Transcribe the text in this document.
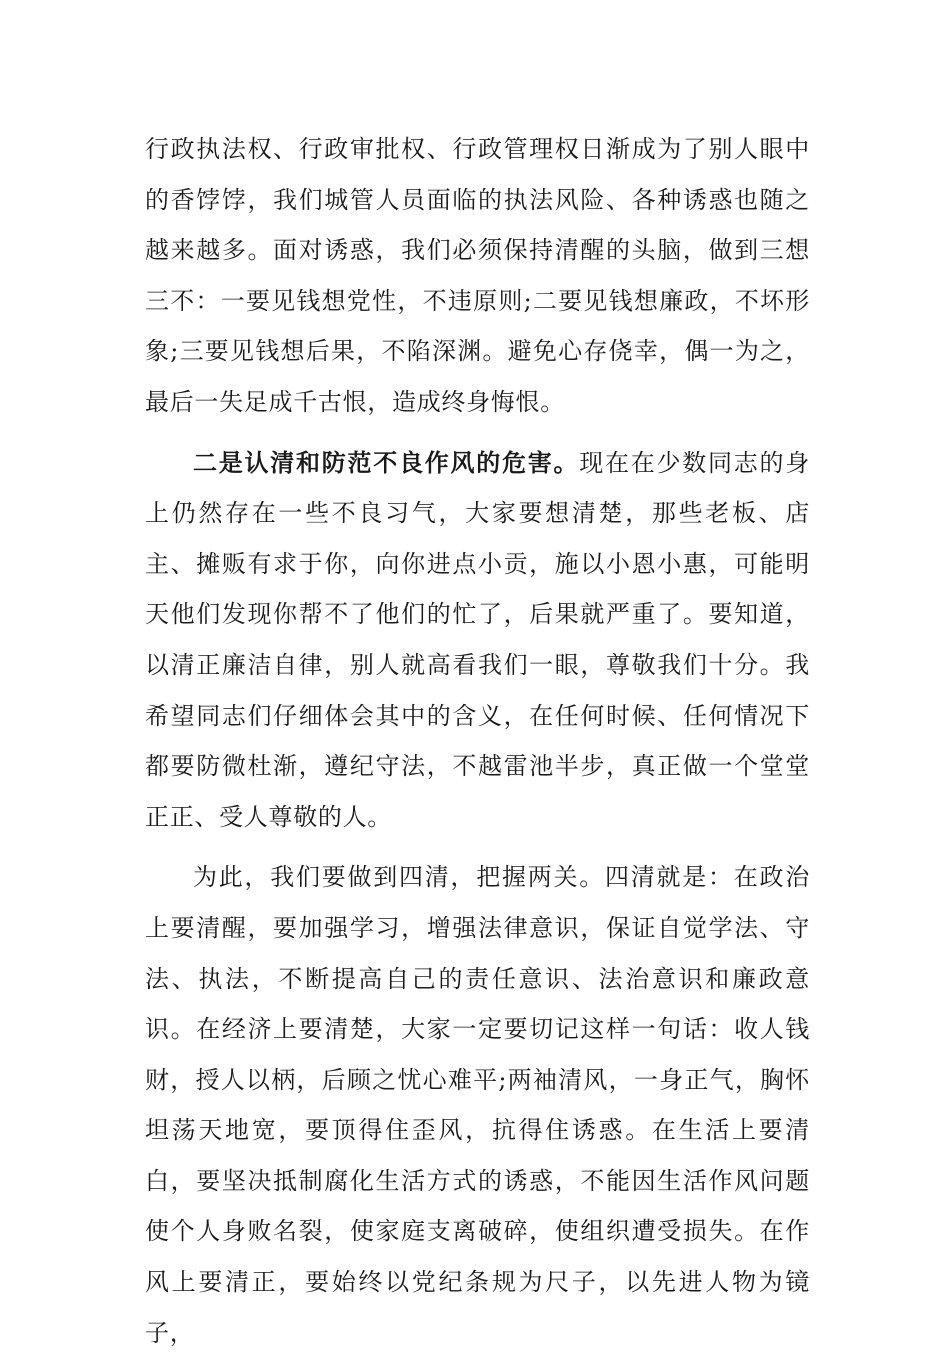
行政执法权、行政审批权、行政管理权日渐成为了别人眼中的香饽饽，我们城管人员面临的执法风险、各种诱惑也随之越来越多。面对诱惑，我们必须保持清醒的头脑，做到三想三不：一要见钱想党性，不违原则;二要见钱想廉政，不坏形象;三要见钱想后果，不陷深渊。避免心存侥幸，偶一为之，最后一失足成千古恨，造成终身悔恨。

二是认清和防范不良作风的危害。现在在少数同志的身上仍然存在一些不良习气，大家要想清楚，那些老板、店主、摊贩有求于你，向你进点小贡，施以小恩小惠，可能明天他们发现你帮不了他们的忙了，后果就严重了。要知道，以清正廉洁自律，别人就高看我们一眼，尊敬我们十分。我希望同志们仔细体会其中的含义，在任何时候、任何情况下都要防微杜渐，遵纪守法，不越雷池半步，真正做一个堂堂正正、受人尊敬的人。

为此，我们要做到四清，把握两关。四清就是：在政治上要清醒，要加强学习，增强法律意识，保证自觉学法、守法、执法，不断提高自己的责任意识、法治意识和廉政意识。在经济上要清楚，大家一定要切记这样一句话：收人钱财，授人以柄，后顾之忧心难平;两袖清风，一身正气，胸怀坦荡天地宽，要顶得住歪风，抗得住诱惑。在生活上要清白，要坚决抵制腐化生活方式的诱惑，不能因生活作风问题使个人身败名裂，使家庭支离破碎，使组织遭受损失。在作风上要清正，要始终以党纪条规为尺子，以先进人物为镜子，
